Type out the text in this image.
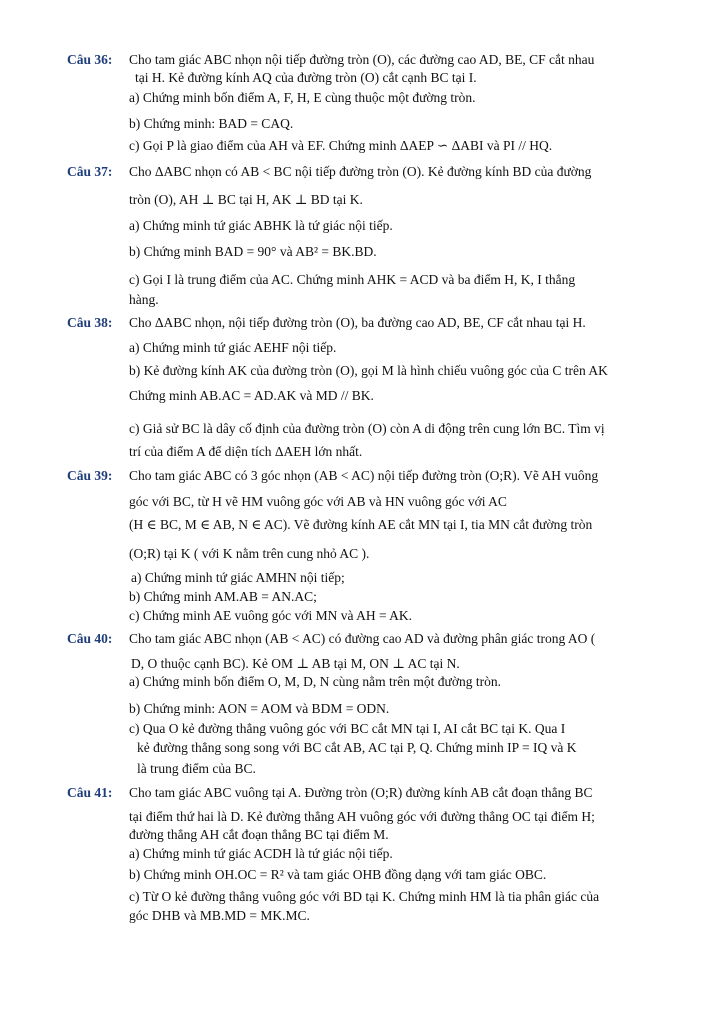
Câu 36:	Cho tam giác ABC nhọn nội tiếp đường tròn (O), các đường cao AD, BE, CF cắt nhau
tại H. Kẻ đường kính AQ của đường tròn (O) cắt cạnh BC tại I.
a) Chứng minh bốn điểm A, F, H, E cùng thuộc một đường tròn.
b) Chứng minh: BAD = CAQ.
c) Gọi P là giao điểm của AH và EF. Chứng minh ΔAEP ∽ ΔABI và PI // HQ.
Câu 37:	Cho ΔABC nhọn có AB < BC nội tiếp đường tròn (O). Kẻ đường kính BD của đường
tròn (O), AH ⊥ BC tại H, AK ⊥ BD tại K.
a) Chứng minh tứ giác ABHK là tứ giác nội tiếp.
b) Chứng minh BAD = 90° và AB² = BK.BD.
c) Gọi I là trung điểm của AC. Chứng minh AHK = ACD và ba điểm H, K, I thẳng
hàng.
Câu 38:	Cho ΔABC nhọn, nội tiếp đường tròn (O), ba đường cao AD, BE, CF cắt nhau tại H.
a) Chứng minh tứ giác AEHF nội tiếp.
b) Kẻ đường kính AK của đường tròn (O), gọi M là hình chiếu vuông góc của C trên AK
Chứng minh AB.AC = AD.AK và MD // BK.
c) Giả sử BC là dây cố định của đường tròn (O) còn A di động trên cung lớn BC. Tìm vị
trí của điểm A để diện tích ΔAEH lớn nhất.
Câu 39:	Cho tam giác ABC có 3 góc nhọn (AB < AC) nội tiếp đường tròn (O;R). Vẽ AH vuông
góc với BC, từ H vẽ HM vuông góc với AB và HN vuông góc với AC
(H ∈ BC, M ∈ AB, N ∈ AC). Vẽ đường kính AE cắt MN tại I, tia MN cắt đường tròn
(O;R) tại K ( với K nằm trên cung nhỏ AC ).
a) Chứng minh tứ giác AMHN nội tiếp;
b) Chứng minh AM.AB = AN.AC;
c) Chứng minh AE vuông góc với MN và AH = AK.
Câu 40:	Cho tam giác ABC nhọn (AB < AC) có đường cao AD và đường phân giác trong AO (
D, O thuộc cạnh BC). Kẻ OM ⊥ AB tại M, ON ⊥ AC tại N.
a) Chứng minh bốn điểm O, M, D, N cùng nằm trên một đường tròn.
b) Chứng minh: AON = AOM và BDM = ODN.
c) Qua O kẻ đường thẳng vuông góc với BC cắt MN tại I, AI cắt BC tại K. Qua I
kẻ đường thẳng song song với BC cắt AB, AC tại P, Q. Chứng minh IP = IQ và K
là trung điểm của BC.
Câu 41:	Cho tam giác ABC vuông tại A. Đường tròn (O;R) đường kính AB cắt đoạn thẳng BC
tại điểm thứ hai là D. Kẻ đường thẳng AH vuông góc với đường thẳng OC tại điểm H;
đường thẳng AH cắt đoạn thẳng BC tại điểm M.
a) Chứng minh tứ giác ACDH là tứ giác nội tiếp.
b) Chứng minh OH.OC = R² và tam giác OHB đồng dạng với tam giác OBC.
c) Từ O kẻ đường thẳng vuông góc với BD tại K. Chứng minh HM là tia phân giác của
góc DHB và MB.MD = MK.MC.
